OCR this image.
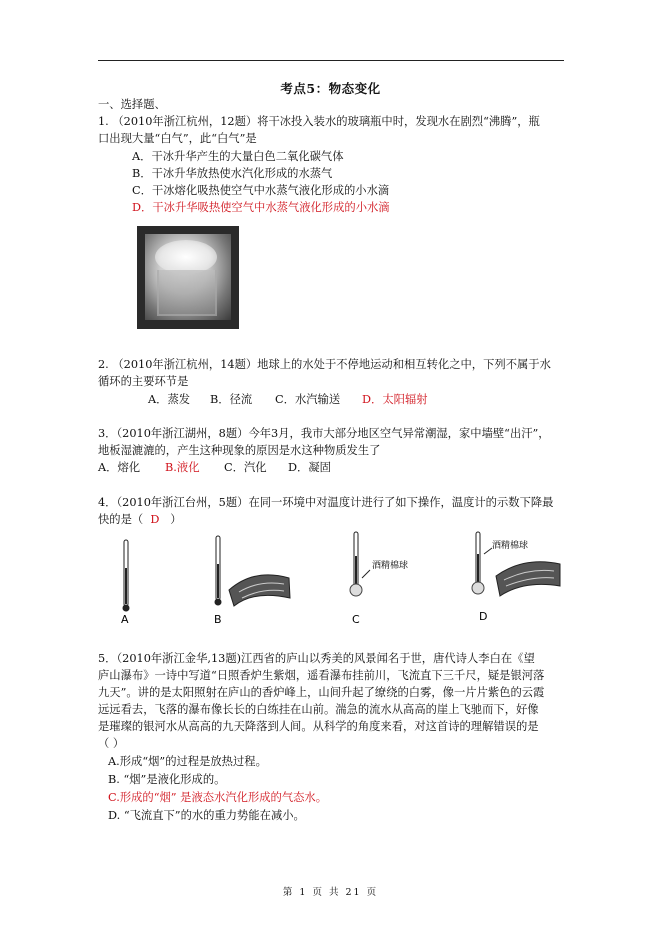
考点5：物态变化
一、选择题、
1. （2010年浙江杭州，12题）将干冰投入装水的玻璃瓶中时，发现水在剧烈“沸腾”，瓶
口出现大量“白气”，此“白气”是
A．干冰升华产生的大量白色二氧化碳气体
B．干冰升华放热使水汽化形成的水蒸气
C．干冰熔化吸热使空气中水蒸气液化形成的小水滴
D．干冰升华吸热使空气中水蒸气液化形成的小水滴
2. （2010年浙江杭州，14题）地球上的水处于不停地运动和相互转化之中，下列不属于水
循环的主要环节是
A．蒸发 B．径流 C．水汽输送 D．太阳辐射
3．（2010年浙江湖州，8题）今年3月，我市大部分地区空气异常潮湿，家中墙壁“出汗”，
地板湿漉漉的，产生这种现象的原因是水这种物质发生了
A．熔化 B.液化 C．汽化 D．凝固
4．（2010年浙江台州，5题）在同一环境中对温度计进行了如下操作，温度计的示数下降最
快的是（ D ）
A	B
酒精棉球
C
酒精棉球
D
5．（2010年浙江金华,13题)江西省的庐山以秀美的风景闻名于世，唐代诗人李白在《望
庐山瀑布》一诗中写道“日照香炉生紫烟，遥看瀑布挂前川，飞流直下三千尺，疑是银河落
九天”。讲的是太阳照射在庐山的香炉峰上，山间升起了缭绕的白雾，像一片片紫色的云霞
远远看去，飞落的瀑布像长长的白练挂在山前。湍急的流水从高高的崖上飞驰而下，好像
是璀璨的银河水从高高的九天降落到人间。从科学的角度来看，对这首诗的理解错误的是
（ ）
A.形成“烟”的过程是放热过程。
B. “烟”是液化形成的。
C.形成的“烟” 是液态水汽化形成的气态水。
D. “飞流直下”的水的重力势能在减小。
第 1 页 共 21 页
